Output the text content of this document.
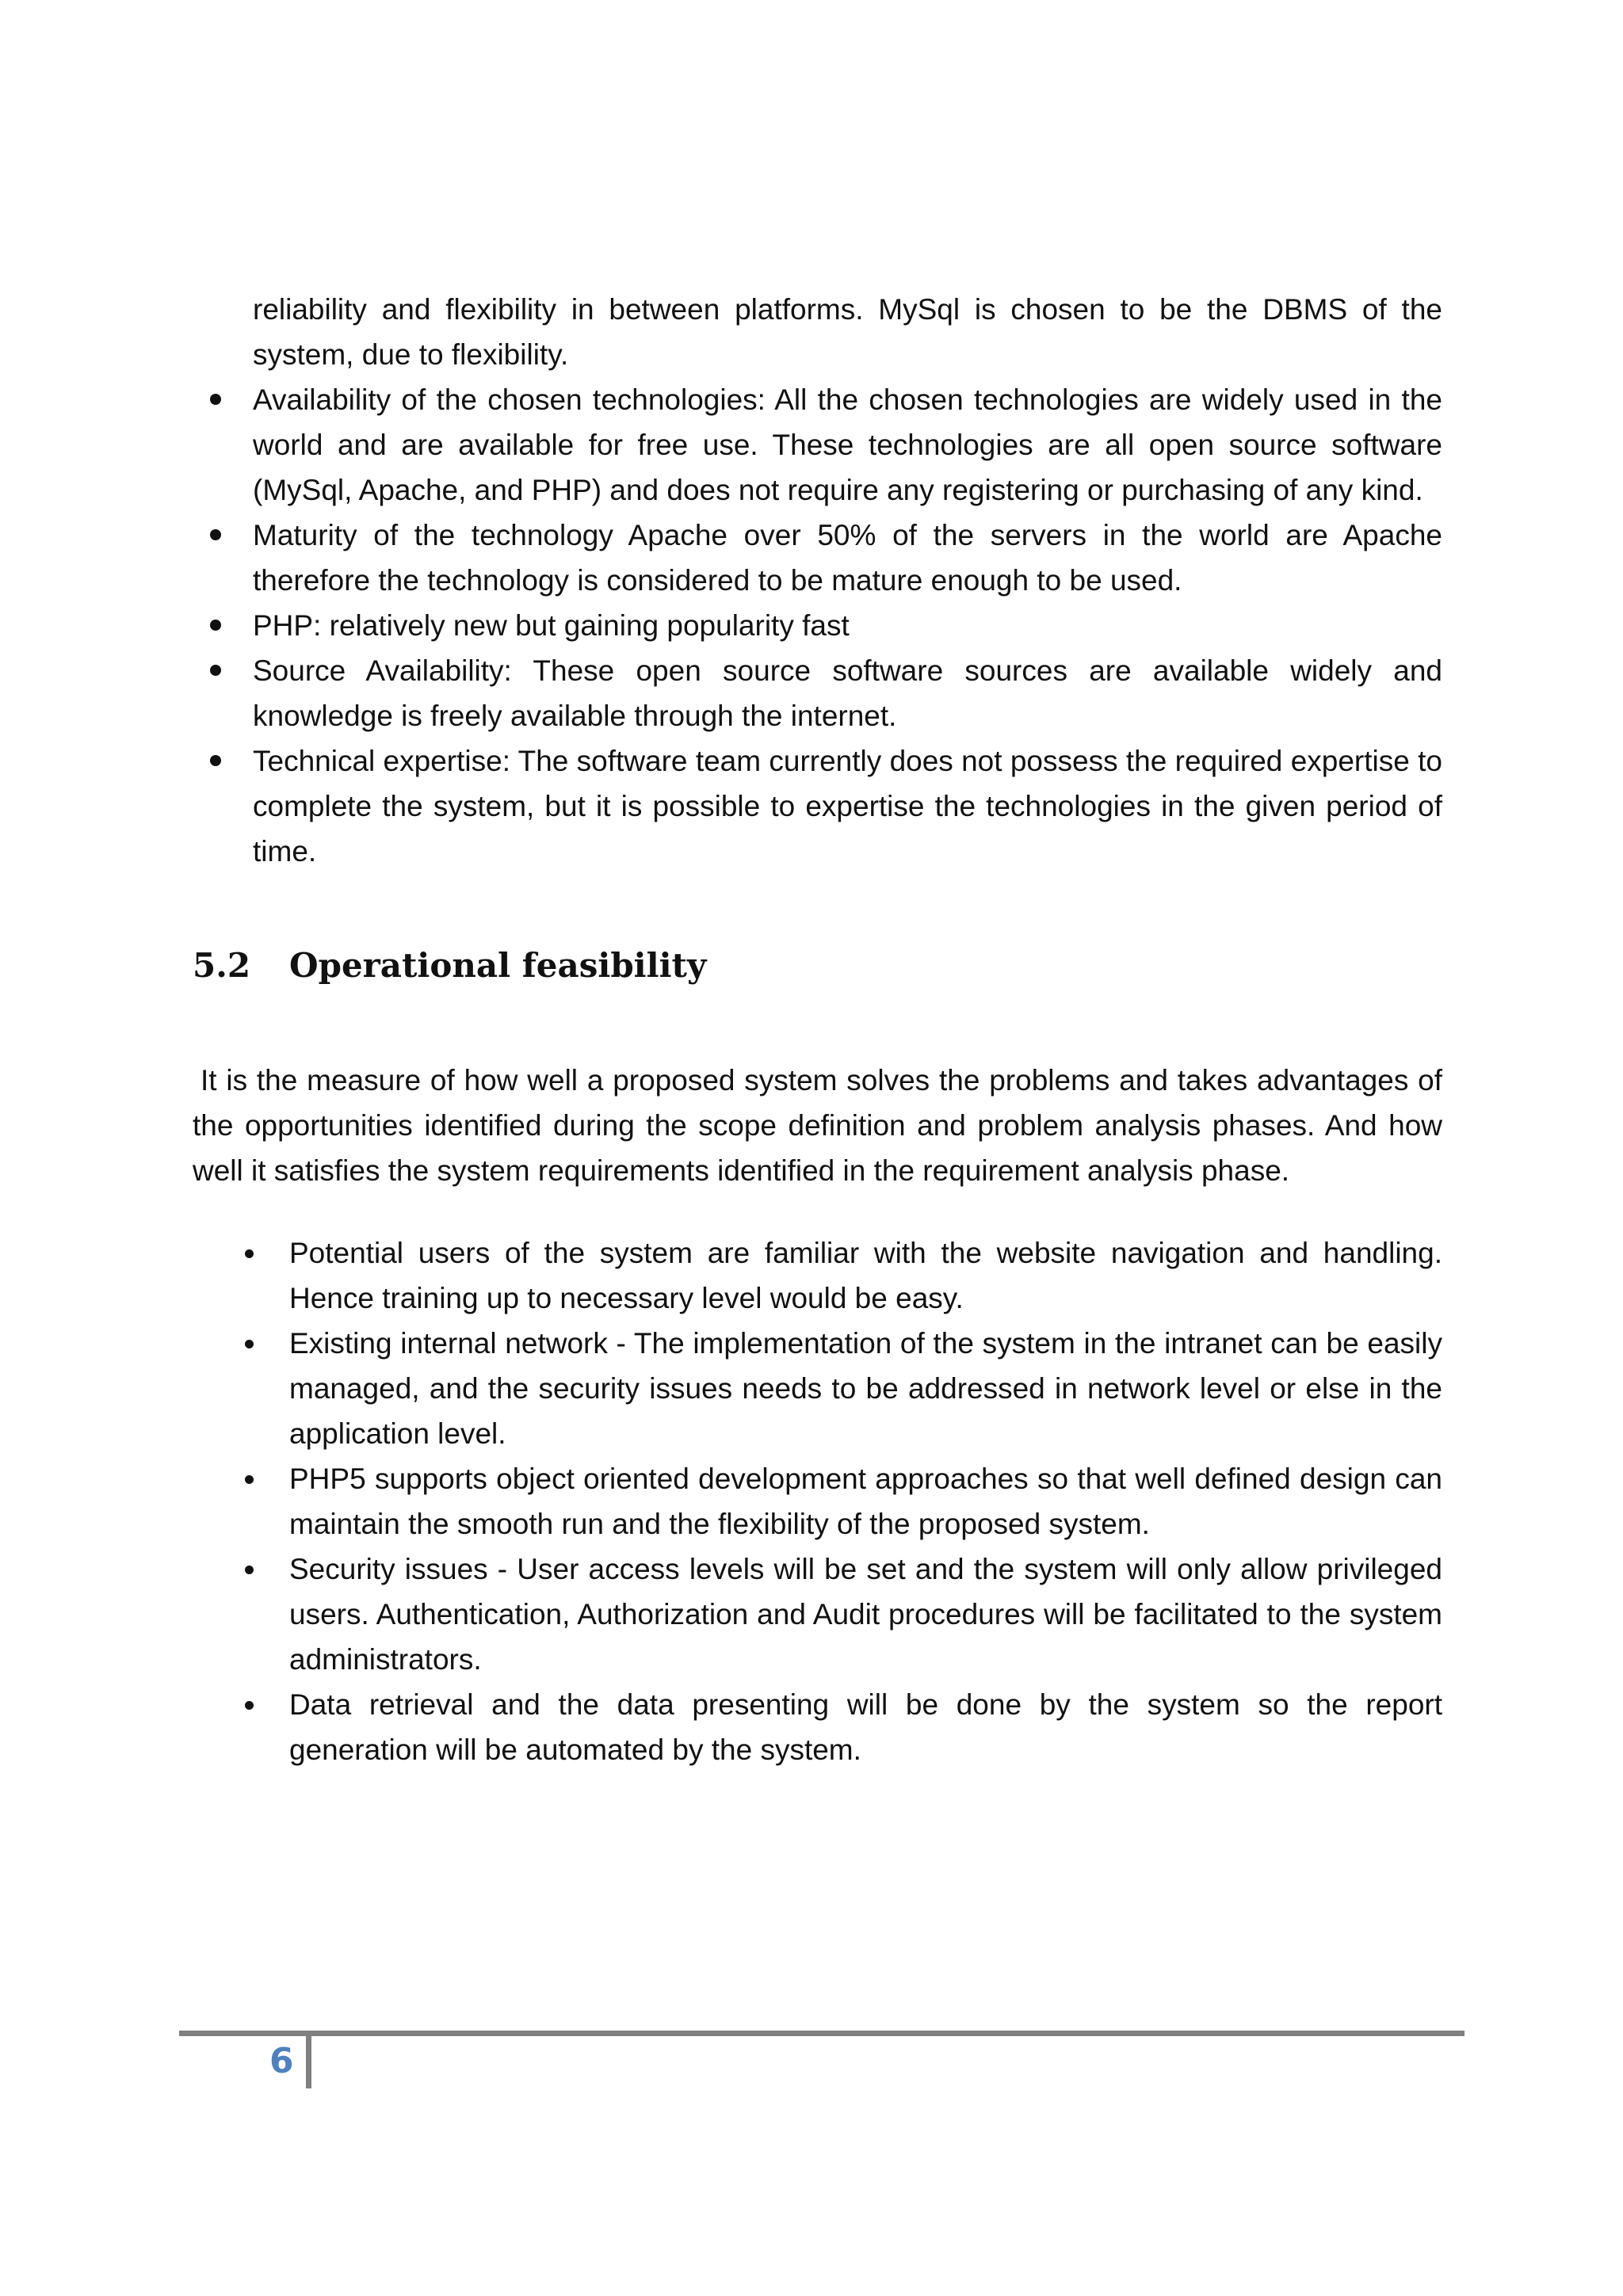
reliability and flexibility in between platforms. MySql is chosen to be the DBMS of the system, due to flexibility.
Availability of the chosen technologies: All the chosen technologies are widely used in the world and are available for free use. These technologies are all open source software (MySql, Apache, and PHP) and does not require any registering or purchasing of any kind.
Maturity of the technology Apache over 50% of the servers in the world are Apache therefore the technology is considered to be mature enough to be used.
PHP: relatively new but gaining popularity fast
Source Availability: These open source software sources are available widely and knowledge is freely available through the internet.
Technical expertise: The software team currently does not possess the required expertise to complete the system, but it is possible to expertise the technologies in the given period of time.
5.2	Operational feasibility

It is the measure of how well a proposed system solves the problems and takes advantages of the opportunities identified during the scope definition and problem analysis phases. And how well it satisfies the system requirements identified in the requirement analysis phase.

Potential users of the system are familiar with the website navigation and handling. Hence training up to necessary level would be easy.
Existing internal network - The implementation of the system in the intranet can be easily managed, and the security issues needs to be addressed in network level or else in the application level.
PHP5 supports object oriented development approaches so that well defined design can maintain the smooth run and the flexibility of the proposed system.
Security issues - User access levels will be set and the system will only allow privileged users. Authentication, Authorization and Audit procedures will be facilitated to the system administrators.
Data retrieval and the data presenting will be done by the system so the report generation will be automated by the system.
6
